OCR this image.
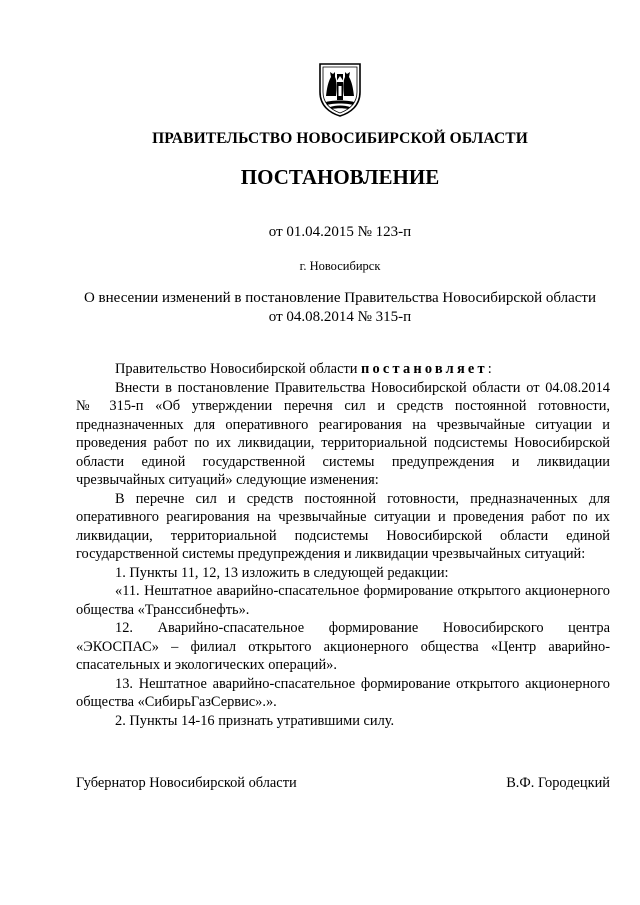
ПРАВИТЕЛЬСТВО НОВОСИБИРСКОЙ ОБЛАСТИ
ПОСТАНОВЛЕНИЕ
от 01.04.2015 № 123-п
г. Новосибирск
О внесении изменений в постановление Правительства Новосибирской области
от 04.08.2014 № 315-п

Правительство Новосибирской области постановляет:

Внести в постановление Правительства Новосибирской области от 04.08.2014 № 315-п «Об утверждении перечня сил и средств постоянной готовности, предназначенных для оперативного реагирования на чрезвычайные ситуации и проведения работ по их ликвидации, территориальной подсистемы Новосибирской области единой государственной системы предупреждения и ликвидации чрезвычайных ситуаций» следующие изменения:

В перечне сил и средств постоянной готовности, предназначенных для оперативного реагирования на чрезвычайные ситуации и проведения работ по их ликвидации, территориальной подсистемы Новосибирской области единой государственной системы предупреждения и ликвидации чрезвычайных ситуаций:

1. Пункты 11, 12, 13 изложить в следующей редакции:

«11. Нештатное аварийно-спасательное формирование открытого акционерного общества «Транссибнефть».

12. Аварийно-спасательное формирование Новосибирского центра «ЭКОСПАС» – филиал открытого акционерного общества «Центр аварийно-спасательных и экологических операций».

13. Нештатное аварийно-спасательное формирование открытого акционерного общества «СибирьГазСервис».».

2. Пункты 14-16 признать утратившими силу.

Губернатор Новосибирской области	В.Ф. Городецкий
